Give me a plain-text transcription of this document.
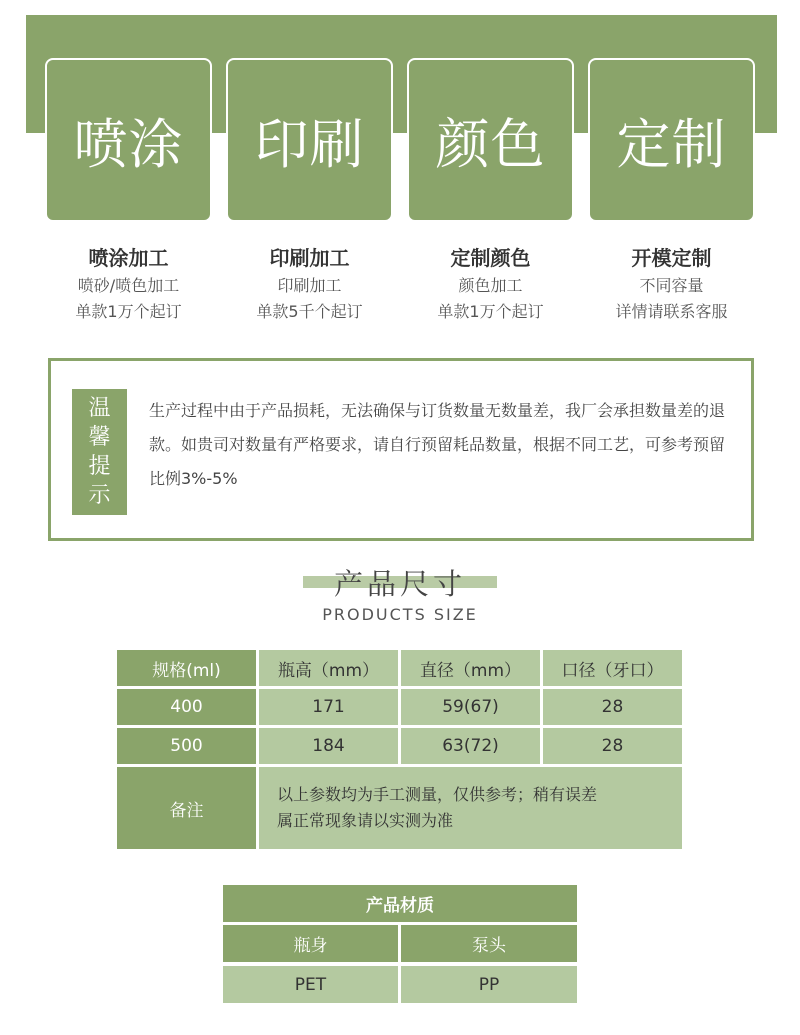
喷涂 印刷 颜色 定制
喷涂加工
喷砂/喷色加工
单款1万个起订
印刷加工
印刷加工
单款5千个起订
定制颜色
颜色加工
单款1万个起订
开模定制
不同容量
详情请联系客服
温
馨
提
示
生产过程中由于产品损耗，无法确保与订货数量无数量差，我厂会承担数量差的退款。如贵司对数量有严格要求，请自行预留耗品数量，根据不同工艺，可参考预留比例3%-5%
产品尺寸
PRODUCTS SIZE
规格(ml)	瓶高（mm）	直径（mm）	口径（牙口）
400	171	59(67)	28
500	184	63(72)	28
备注
以上参数均为手工测量，仅供参考；稍有误差
属正常现象请以实测为准
产品材质
瓶身	泵头
PET	PP
